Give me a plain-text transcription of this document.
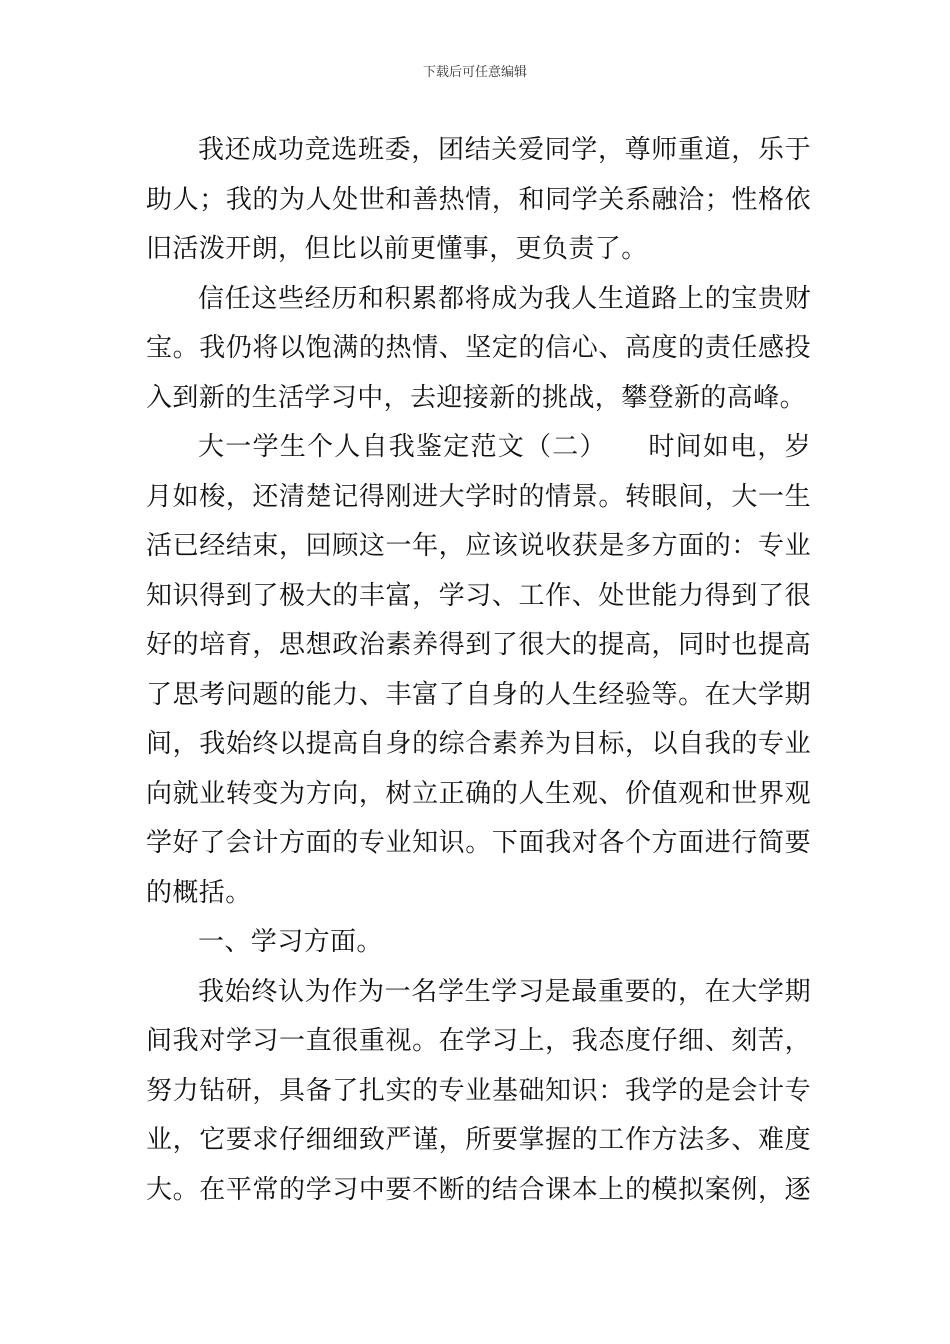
下载后可任意编辑
我还成功竞选班委，团结关爱同学，尊师重道，乐于
助人；我的为人处世和善热情，和同学关系融洽；性格依
旧活泼开朗，但比以前更懂事，更负责了。
信任这些经历和积累都将成为我人生道路上的宝贵财
宝。我仍将以饱满的热情、坚定的信心、高度的责任感投
入到新的生活学习中，去迎接新的挑战，攀登新的高峰。
大一学生个人自我鉴定范文（二）　　时间如电，岁
月如梭，还清楚记得刚进大学时的情景。转眼间，大一生
活已经结束，回顾这一年，应该说收获是多方面的：专业
知识得到了极大的丰富，学习、工作、处世能力得到了很
好的培育，思想政治素养得到了很大的提高，同时也提高
了思考问题的能力、丰富了自身的人生经验等。在大学期
间，我始终以提高自身的综合素养为目标，以自我的专业
向就业转变为方向，树立正确的人生观、价值观和世界观
学好了会计方面的专业知识。下面我对各个方面进行简要
的概括。
一、学习方面。
我始终认为作为一名学生学习是最重要的，在大学期
间我对学习一直很重视。在学习上，我态度仔细、刻苦，
努力钻研，具备了扎实的专业基础知识：我学的是会计专
业，它要求仔细细致严谨，所要掌握的工作方法多、难度
大。在平常的学习中要不断的结合课本上的模拟案例，逐
